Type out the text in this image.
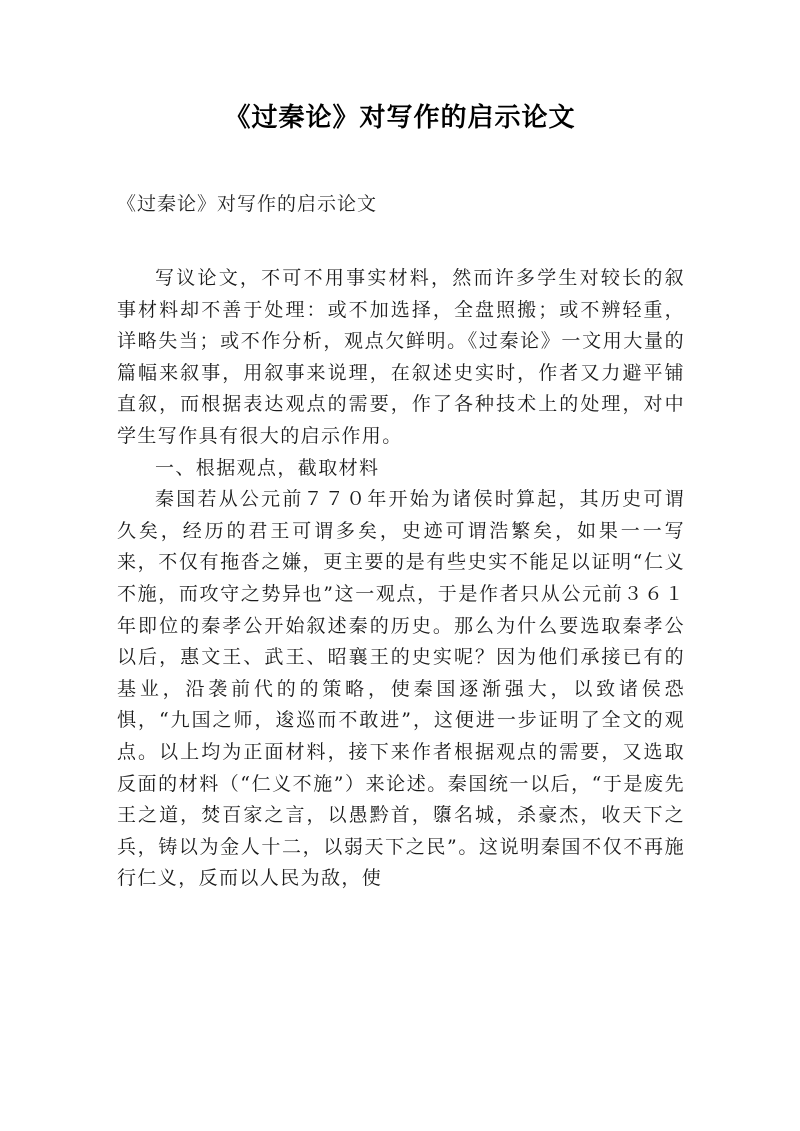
《过秦论》对写作的启示论文
《过秦论》对写作的启示论文

写议论文，不可不用事实材料，然而许多学生对较长的叙事材料却不善于处理：或不加选择，全盘照搬；或不辨轻重，详略失当；或不作分析，观点欠鲜明。《过秦论》一文用大量的篇幅来叙事，用叙事来说理，在叙述史实时，作者又力避平铺直叙，而根据表达观点的需要，作了各种技术上的处理，对中学生写作具有很大的启示作用。

一、根据观点，截取材料

秦国若从公元前７７０年开始为诸侯时算起，其历史可谓久矣，经历的君王可谓多矣，史迹可谓浩繁矣，如果一一写来，不仅有拖沓之嫌，更主要的是有些史实不能足以证明“仁义不施，而攻守之势异也”这一观点，于是作者只从公元前３６１年即位的秦孝公开始叙述秦的历史。那么为什么要选取秦孝公以后，惠文王、武王、昭襄王的史实呢？因为他们承接已有的基业，沿袭前代的的策略，使秦国逐渐强大，以致诸侯恐惧，“九国之师，逡巡而不敢进”，这便进一步证明了全文的观点。以上均为正面材料，接下来作者根据观点的需要，又选取反面的材料（“仁义不施”）来论述。秦国统一以后，“于是废先王之道，焚百家之言，以愚黔首，隳名城，杀豪杰，收天下之兵，铸以为金人十二，以弱天下之民”。这说明秦国不仅不再施行仁义，反而以人民为敌，使
